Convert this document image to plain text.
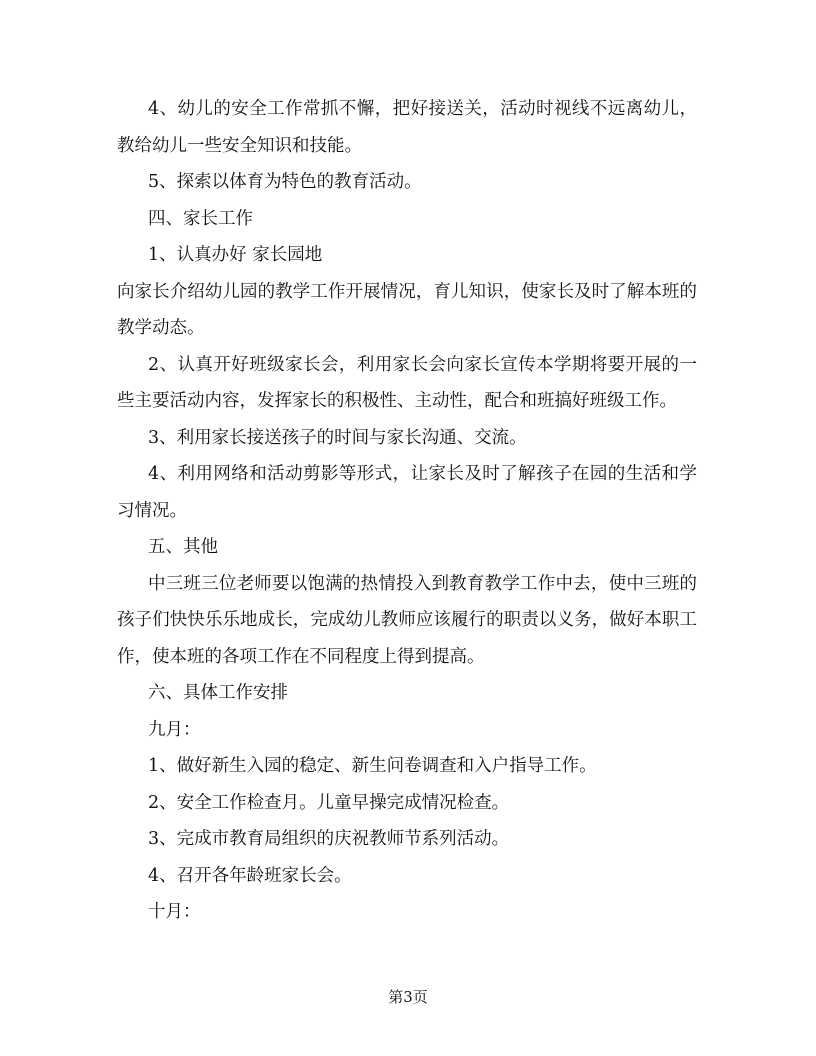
4、幼儿的安全工作常抓不懈，把好接送关，活动时视线不远离幼儿，教给幼儿一些安全知识和技能。

5、探索以体育为特色的教育活动。

四、家长工作

1、认真办好 家长园地

向家长介绍幼儿园的教学工作开展情况，育儿知识，使家长及时了解本班的教学动态。

2、认真开好班级家长会，利用家长会向家长宣传本学期将要开展的一些主要活动内容，发挥家长的积极性、主动性，配合和班搞好班级工作。

3、利用家长接送孩子的时间与家长沟通、交流。

4、利用网络和活动剪影等形式，让家长及时了解孩子在园的生活和学习情况。

五、其他

中三班三位老师要以饱满的热情投入到教育教学工作中去，使中三班的孩子们快快乐乐地成长，完成幼儿教师应该履行的职责以义务，做好本职工作，使本班的各项工作在不同程度上得到提高。

六、具体工作安排

九月：

1、做好新生入园的稳定、新生问卷调查和入户指导工作。

2、安全工作检查月。儿童早操完成情况检查。

3、完成市教育局组织的庆祝教师节系列活动。

4、召开各年龄班家长会。

十月：

第3页
